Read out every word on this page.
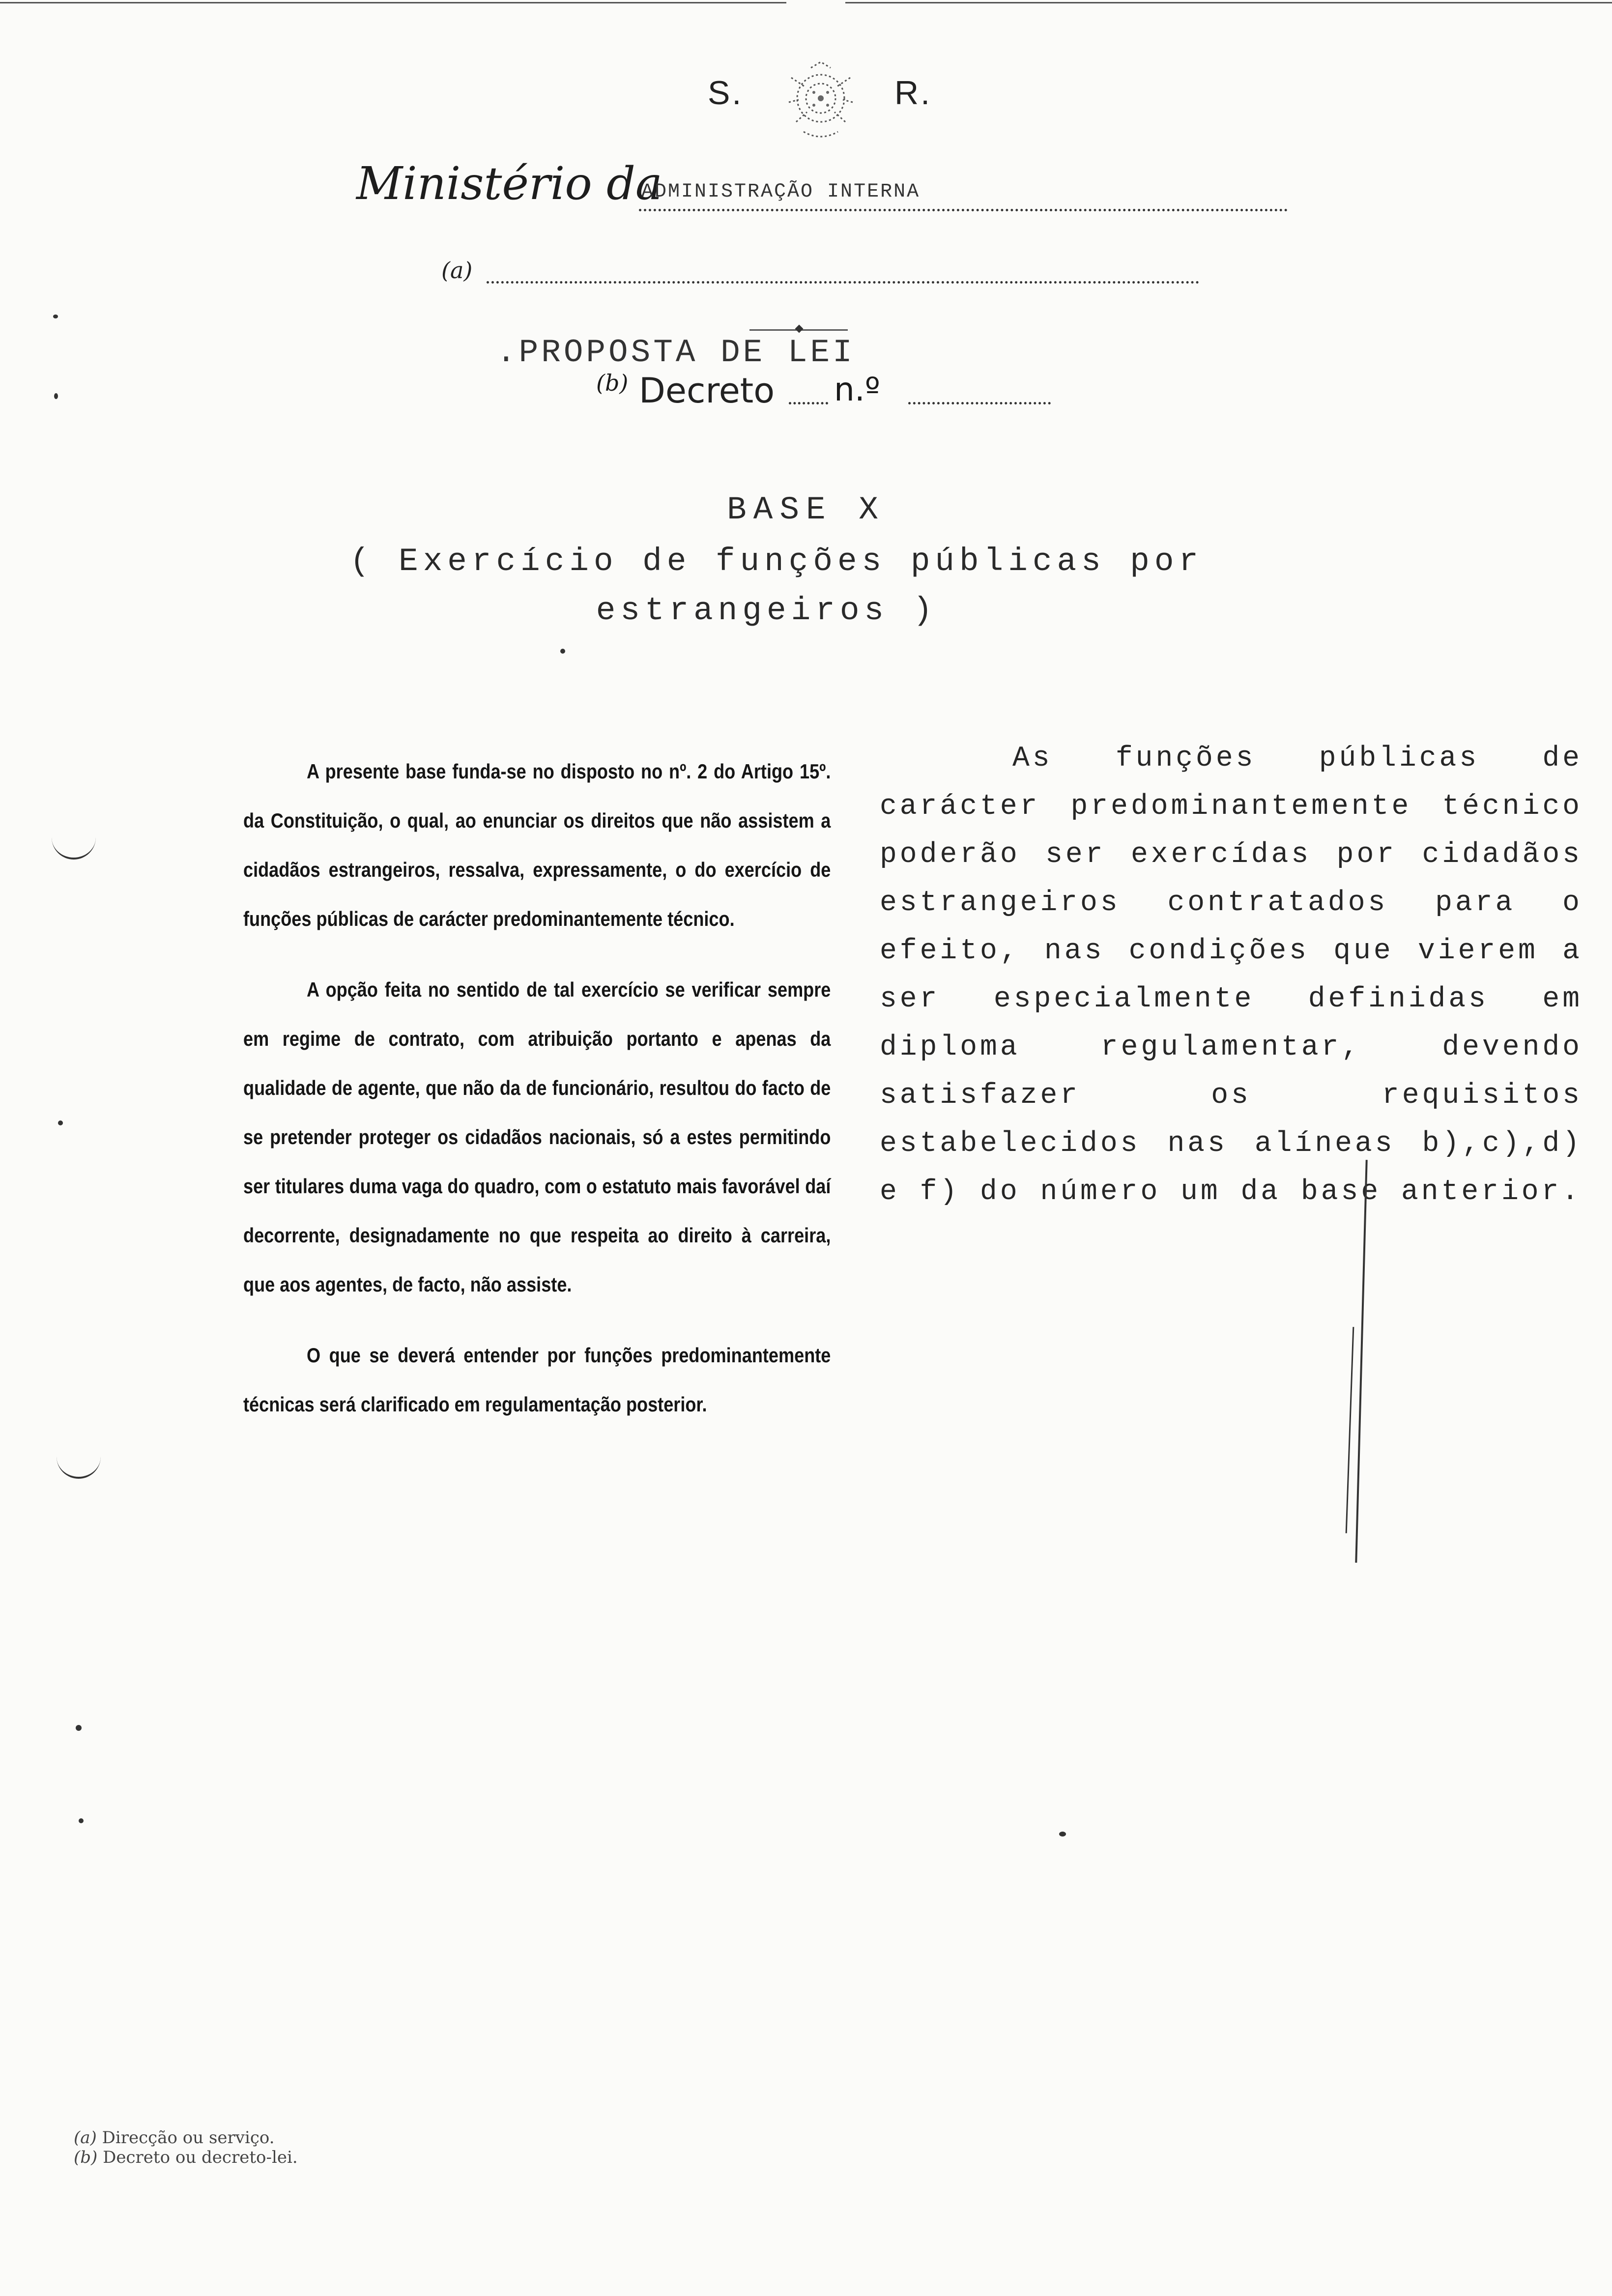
S.	R.
Ministério da
ADMINISTRAÇÃO INTERNA
(a)
.PROPOSTA DE LEI
(b) Decreto n.º
BASE X
( Exercício de funções públicas por
estrangeiros )

A presente base funda-se no disposto no nº. 2 do Artigo 15º. da Constituição, o qual, ao enunciar os direitos que não assistem a cidadãos estrangeiros, ressalva, expressamente, o do exercício de funções públicas de carácter predominantemente técnico.

A opção feita no sentido de tal exercício se verificar sempre em regime de contrato, com atribuição portanto e apenas da qualidade de agente, que não da de funcionário, resultou do facto de se pretender proteger os cidadãos nacionais, só a estes permitindo ser titulares duma vaga do quadro, com o estatuto mais favorável daí decorrente, designadamente no que respeita ao direito à carreira, que aos agentes, de facto, não assiste.

O que se deverá entender por funções predominantemente técnicas será clarificado em regulamentação posterior.

As funções públicas de carácter predominantemente técnico poderão ser exercídas por cidadãos estrangeiros contratados para o efeito, nas condições que vierem a ser especialmente definidas em diploma regulamentar, devendo satisfazer os requisitos estabelecidos nas alíneas b),c),d) e f) do número um da base anterior.

(a) Direcção ou serviço.
(b) Decreto ou decreto-lei.
